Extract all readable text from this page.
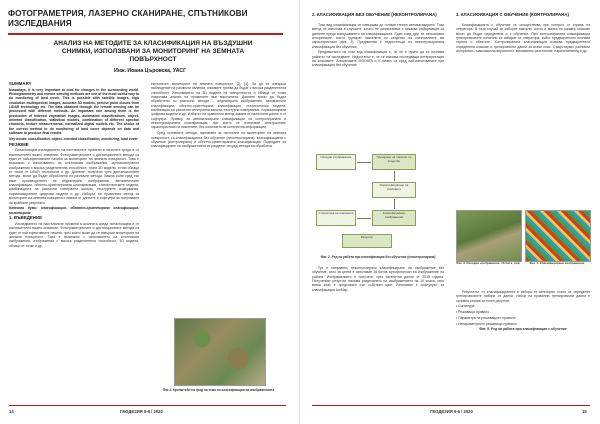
ФОТОГРАМЕТРИЯ, ЛАЗЕРНО СКАНИРАНЕ, СПЪТНИКОВИ ИЗСЛЕДВАНИЯ
АНАЛИЗ НА МЕТОДИТЕ ЗА КЛАСИФИКАЦИЯ НА ВЪЗДУШНИ СНИМКИ, ИЗПОЛЗВАНИ ЗА МОНИТОРИНГ НА ЗЕМНАТА ПОВЪРХНОСТ
Инж. Иоана Църовска, УАСГ

SUMMARY

Nowadays, it is very important to look for changes in the surrounding world. Photogrammetry and remote sensing methods are one of the most useful way to do monitoring of land cover. This is possible with satellite images, high resolution multispectral images, accurate 3D models, precise point clouds from LiDAR technology etc. The data obtained through the remote sensing can be processed with different methods. An important role among them is the production of indexed vegetation images, automated classifications, object-oriented classification, statistical models, combination of different spectral channels, texture measurements, normalized digital models etc. The choice of the correct method to do monitoring of land cover depends on data and software to produce final results.

Key words: classification, object- oriented classification, monitoring, land cover

РЕЗЮМЕ

Понастоящем изследването на настъпилите промени в околната среда е от изключително важно значение. Фотограметричните и дистанционните методи са един от най-ефективните начини за мониторинг на земната повърхност. Това е възможно с използването на спътникови изображения, мултиспектрални изображения с висока разделителна способност, точни 3D модели, точни облаци от точки от LiDAR технология и др. Данните, получени чрез дистанционните методи, могат да бъдат обработени по различни методи. Важна роля сред тях имат производството на индексирани изображения, автоматичните класификации, обектно-ориентираната класификация, статистическите модели, комбинацията на различни спектрални канали, текстурните измервания, нормализираните цифрови модели и др. Изборът на правилния метод за мониторинг на земната повърхност зависи от данните и софтуера за получаване на крайните резултати.

Ключови думи: класификация, обектно-ориентирана класификация, мониторинг

1. ВЪВЕДЕНИЕ

Изследването на настъпилите промени в околната среда понастоящем е от изключително важно значение. Фотограметричните и дистанционните методи са един от най-ефективните начини, чрез които може да се извърши мониторинг на земната повърхност. Това е възможно с използването на спътникови изображения, изображения с висока разделителна способност, 3D модели, облаци от точки и др.

екологичен мониторинг на земната повърхност [2], [4]. За да се извърши наблюдение на различни явления, снимките трябва да бъдат с висока разделителна способност. Използването на 3D модели на повърхността и облаци от точки позволява анализ на промените във височината. Данните могат да бъдат обработени по различни методи – индексирани изображения, автоматични класификации, обектно-ориентирана класификация, статистически модели, комбинация на различни спектрални канали, текстурни измервания, нормализирани цифрови модели и др. Изборът на правилния метод зависи от наличните данни и от софтуера. Пример за автоматизирани класификации са контролираната и неконтролираната класификация, при които се използват спектралните характеристики на пикселите, без наличието на контекстна информация.

Сред основните методи, прилагани за постигане на мониторинг на земната повърхност, са класификацията без обучение (неконтролирана), класификацията с обучение (контролирана) и обектно-ориентираната класификация. Подходите за класифициране на изображенията се разделят според метода на обработка.

Фиг.1. Кронштейн на град на тема по класификация на изображенията
14	ГЕОДЕЗИЯ 5-6 / 2020
2. КЛАСИФИКАЦИЯ БЕЗ ОБУЧЕНИЕ (НЕКОНТРОЛИРАНА)

Този вид класификация се извършва до голяма степен автоматизирано. Този метод се използва в случаите, когато не разполагаме с никаква информация за данните преди извършването на класификацията. Един след друг се изпълняват алгоритмите, които групират пикселите по сходство на спектралните им характеристики (фиг. 2). Предимства и недостатъци на неконтролираната класификация без обучение.

Предимството на този вид класификация е, че не е нужно да се познава районът на изследване. Недостатък е, че се изисква последваща интерпретация на класовете. Алгоритмите ISODATA и K-means са сред най-използваните при класификация без обучение.

Изходно изображение	Групиране на пиксели по сходство
Идентифициране на класовете
Класифицирано изображение
Статистика на класовете
Резултат
Фиг. 2. Ред на работа при класификация без обучение (неконтролирана)

Тук е направено неконтролирано класифициране на изображение без обучение, като за целта е използван 16 битов ортофотоплан на изображение на района. Изображението е получено чрез сателитни данни от 2018 година. Полученият резултат показва разделянето на изображението на 10 класа, като всеки клас е представен със собствен цвят. Използван е софтуерът за класификация ArcMap.

3. КЛАСИФИКАЦИЯ С ОБУЧЕНИЕ (КОНТРОЛИРАНА)

Класификацията с обучение се осъществява при контрол от страна на оператора. В тази случай се изборят пиксели, които в малък по размер класове могат да бъдат определени и с обучение. При контролираната класификация тренировъчните полигони се избират от оператора, който предварително познава терена и обектите. Контролираната класификация изисква предварително определени класове и тренировъчни данни за всеки клас. Съществуват различни алгоритми – максимална вероятност, минимално разстояние, паралелепипед и др.

Фиг. 3. Изходно изображение, 16 бита, тиф	Фиг. 4. Класифицирано изображение

Резултатът от класифицирането в избора от категории, които се определят тренировъчните набори от данни. Избор на правилни тренировъчни данни е основна стъпка за точен резултат.

• Сигнатура

• Решаващо правило

• Параметри на решаващото правило

• Непараметрично решаващо правило

Фиг. 5. Ред на работа при класификация с обучение

ГЕОДЕЗИЯ 5-6 / 2020	15
